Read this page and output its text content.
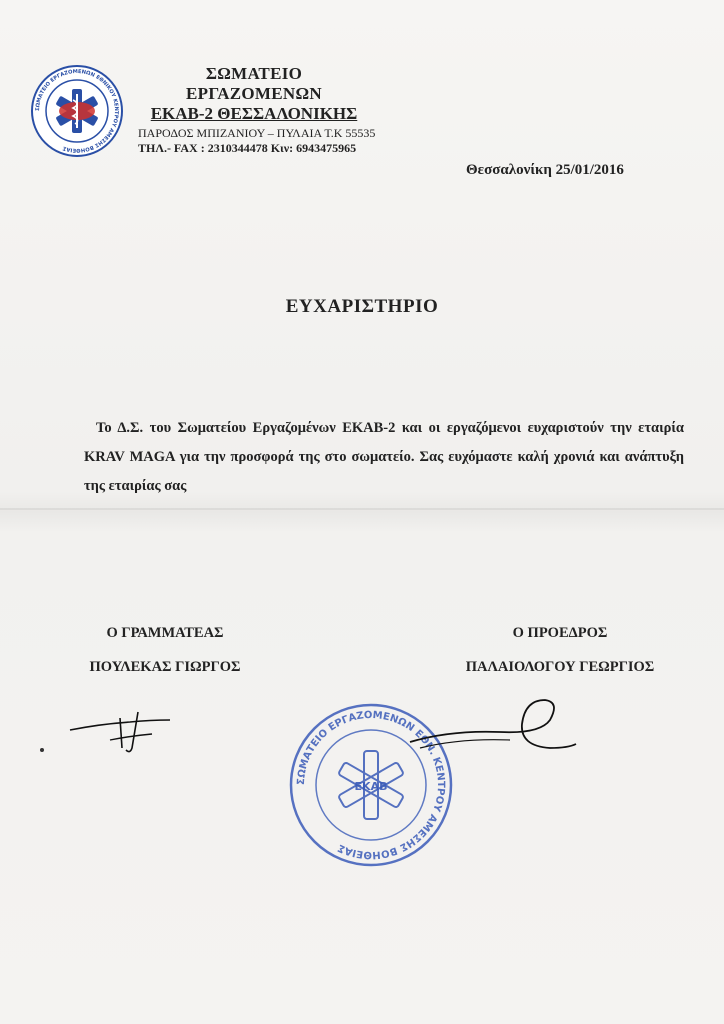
ΣΩΜΑΤΕΙΟ ΕΡΓΑΖΟΜΕΝΩΝ ΕΘΝΙΚΟΥ ΚΕΝΤΡΟΥ ΑΜΕΣΗΣ ΒΟΗΘΕΙΑΣ

ΣΩΜΑΤΕΙΟ ΕΡΓΑΖΟΜΕΝΩΝ

ΕΚΑΒ-2 ΘΕΣΣΑΛΟΝΙΚΗΣ

ΠΑΡΟΔΟΣ ΜΠΙΖΑΝΙΟΥ – ΠΥΛΑΙΑ Τ.Κ 55535

ΤΗΛ.- FAX : 2310344478 Κιν: 6943475965

Θεσσαλονίκη 25/01/2016
ΕΥΧΑΡΙΣΤΗΡΙΟ
Το Δ.Σ. του Σωματείου Εργαζομένων ΕΚΑΒ-2 και οι εργαζόμενοι ευχαριστούν την εταιρία KRAV MAGA για την προσφορά της στο σωματείο. Σας ευχόμαστε καλή χρονιά και ανάπτυξη της εταιρίας σας
Ο ΓΡΑΜΜΑΤΕΑΣ
ΠΟΥΛΕΚΑΣ ΓΙΩΡΓΟΣ
Ο ΠΡΟΕΔΡΟΣ
ΠΑΛΑΙΟΛΟΓΟΥ ΓΕΩΡΓΙΟΣ
ΣΩΜΑΤΕΙΟ ΕΡΓΑΖΟΜΕΝΩΝ ΕΘΝ. ΚΕΝΤΡΟΥ ΑΜΕΣΗΣ ΒΟΗΘΕΙΑΣ
ΕΚΑΒ
